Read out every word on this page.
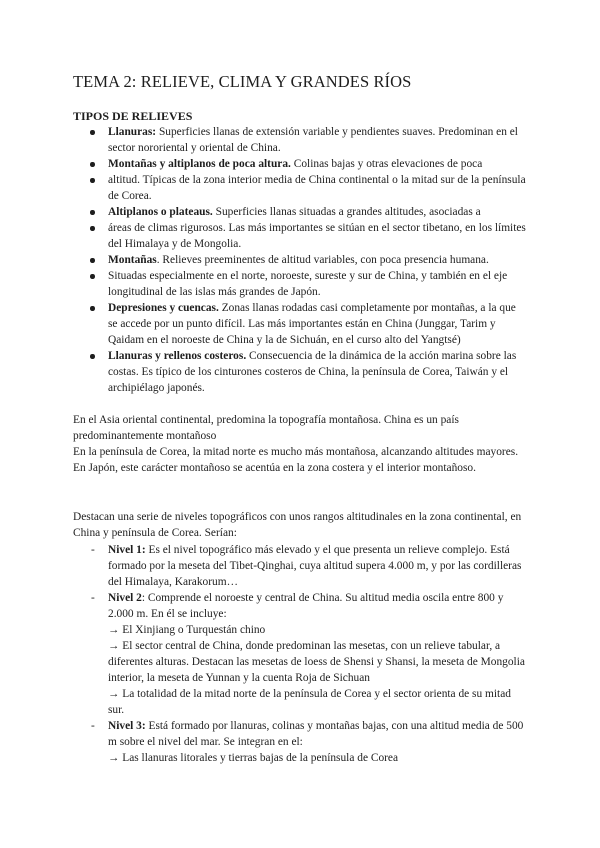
TEMA 2: RELIEVE, CLIMA Y GRANDES RÍOS
TIPOS DE RELIEVES
Llanuras: Superficies llanas de extensión variable y pendientes suaves. Predominan en el sector nororiental y oriental de China.
Montañas y altiplanos de poca altura. Colinas bajas y otras elevaciones de poca
altitud. Típicas de la zona interior media de China continental o la mitad sur de la península de Corea.
Altiplanos o plateaus. Superficies llanas situadas a grandes altitudes, asociadas a
áreas de climas rigurosos. Las más importantes se sitúan en el sector tibetano, en los límites del Himalaya y de Mongolia.
Montañas. Relieves preeminentes de altitud variables, con poca presencia humana.
Situadas especialmente en el norte, noroeste, sureste y sur de China, y también en el eje longitudinal de las islas más grandes de Japón.
Depresiones y cuencas. Zonas llanas rodadas casi completamente por montañas, a la que se accede por un punto difícil. Las más importantes están en China (Junggar, Tarim y Qaidam en el noroeste de China y la de Sichuán, en el curso alto del Yangtsé)
Llanuras y rellenos costeros. Consecuencia de la dinámica de la acción marina sobre las costas. Es típico de los cinturones costeros de China, la península de Corea, Taiwán y el archipiélago japonés.
En el Asia oriental continental, predomina la topografía montañosa. China es un país predominantemente montañoso
En la península de Corea, la mitad norte es mucho más montañosa, alcanzando altitudes mayores. En Japón, este carácter montañoso se acentúa en la zona costera y el interior montañoso.
Destacan una serie de niveles topográficos con unos rangos altitudinales en la zona continental, en China y península de Corea. Serían:
- Nivel 1: Es el nivel topográfico más elevado y el que presenta un relieve complejo. Está formado por la meseta del Tibet-Qinghai, cuya altitud supera 4.000 m, y por las cordilleras del Himalaya, Karakorum…
- Nivel 2: Comprende el noroeste y central de China. Su altitud media oscila entre 800 y 2.000 m. En él se incluye:
→ El Xinjiang o Turquestán chino
→ El sector central de China, donde predominan las mesetas, con un relieve tabular, a diferentes alturas. Destacan las mesetas de loess de Shensi y Shansi, la meseta de Mongolia interior, la meseta de Yunnan y la cuenta Roja de Sichuan
→ La totalidad de la mitad norte de la península de Corea y el sector orienta de su mitad sur.
- Nivel 3: Está formado por llanuras, colinas y montañas bajas, con una altitud media de 500 m sobre el nivel del mar. Se integran en el:
→ Las llanuras litorales y tierras bajas de la península de Corea
